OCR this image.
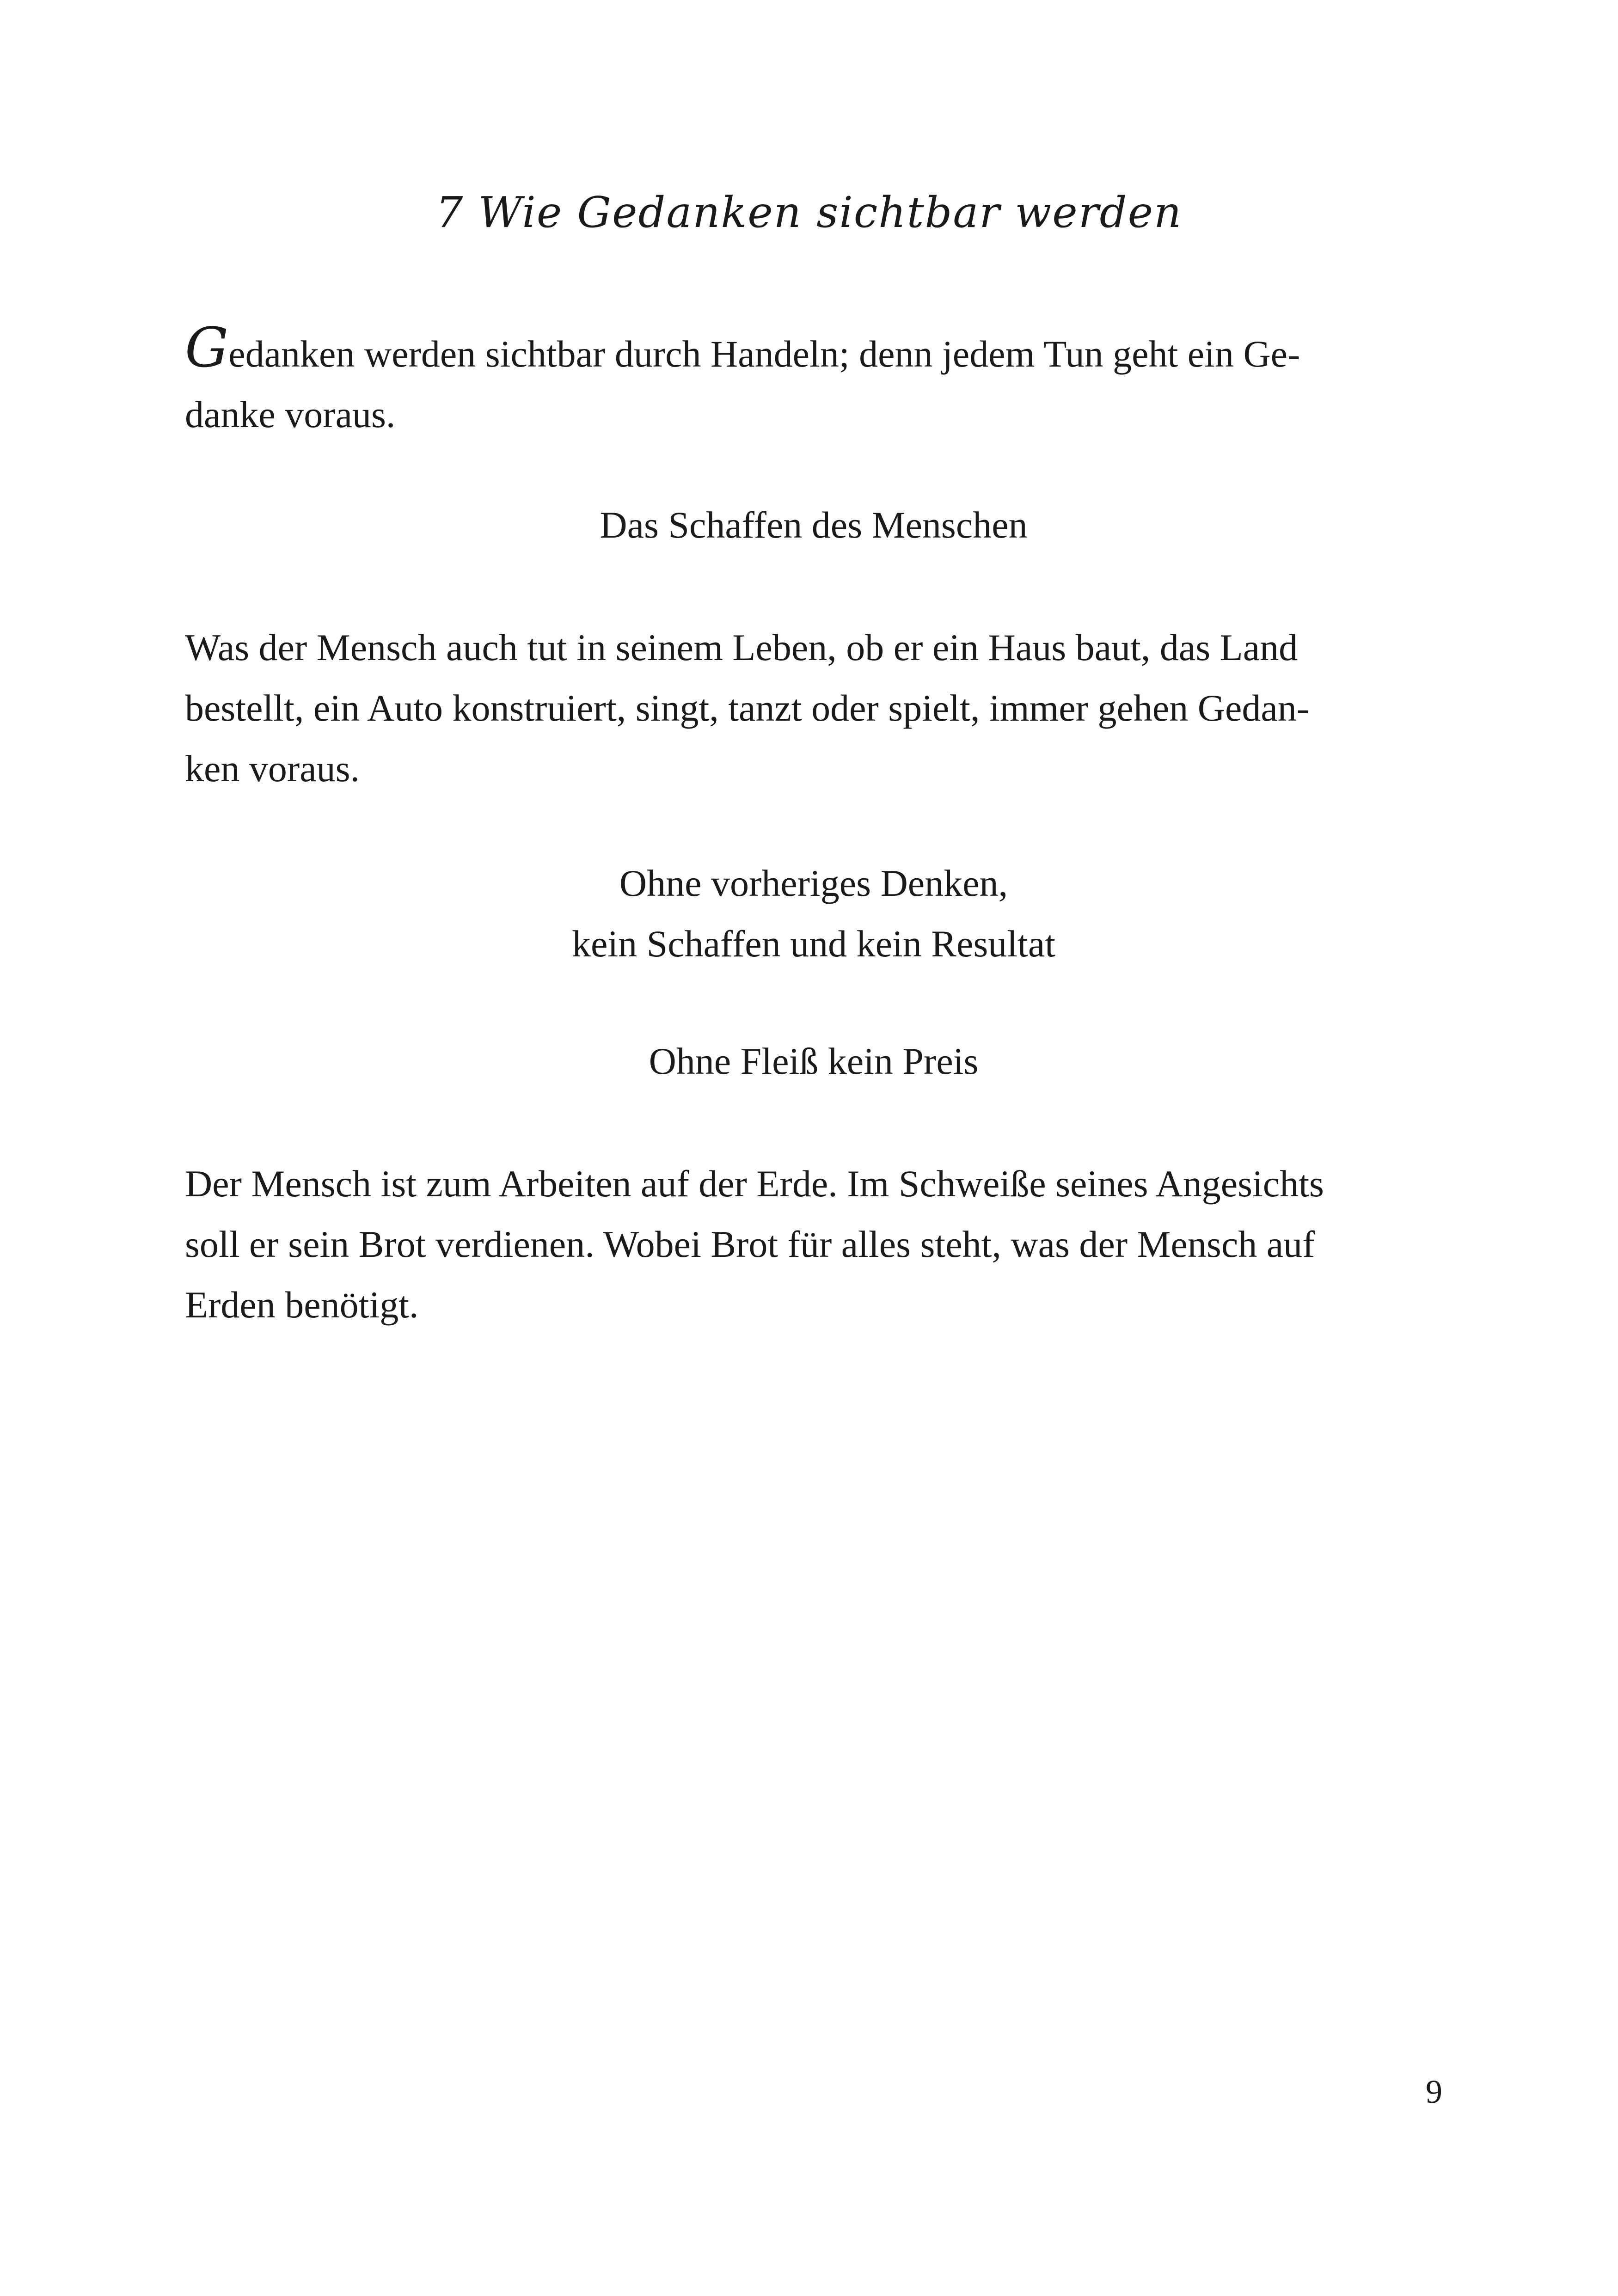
7 Wie Gedanken sichtbar werden

Gedanken werden sichtbar durch Handeln; denn jedem Tun geht ein Ge-
danke voraus.

Das Schaffen des Menschen

Was der Mensch auch tut in seinem Leben, ob er ein Haus baut, das Land
bestellt, ein Auto konstruiert, singt, tanzt oder spielt, immer gehen Gedan-
ken voraus.

Ohne vorheriges Denken,
kein Schaffen und kein Resultat

Ohne Fleiß kein Preis

Der Mensch ist zum Arbeiten auf der Erde. Im Schweiße seines Angesichts
soll er sein Brot verdienen. Wobei Brot für alles steht, was der Mensch auf
Erden benötigt.

9
